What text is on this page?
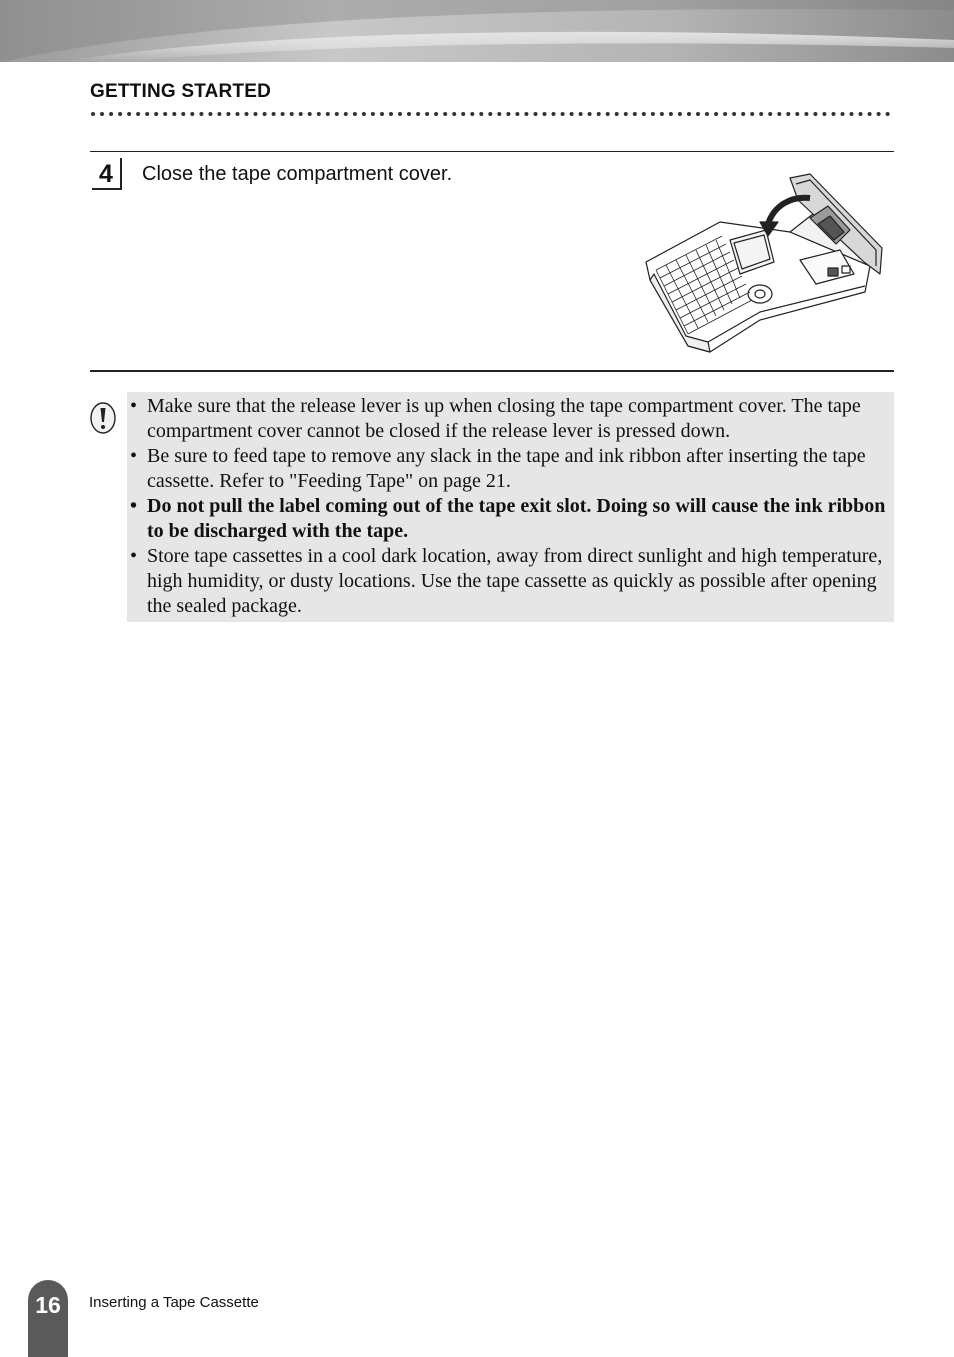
GETTING STARTED
4	Close the tape compartment cover.
• Make sure that the release lever is up when closing the tape compartment cover. The tape compartment cover cannot be closed if the release lever is pressed down.
• Be sure to feed tape to remove any slack in the tape and ink ribbon after inserting the tape cassette. Refer to "Feeding Tape" on page 21.
• Do not pull the label coming out of the tape exit slot. Doing so will cause the ink ribbon to be discharged with the tape.
• Store tape cassettes in a cool dark location, away from direct sunlight and high temperature, high humidity, or dusty locations. Use the tape cassette as quickly as possible after opening the sealed package.
16	Inserting a Tape Cassette
